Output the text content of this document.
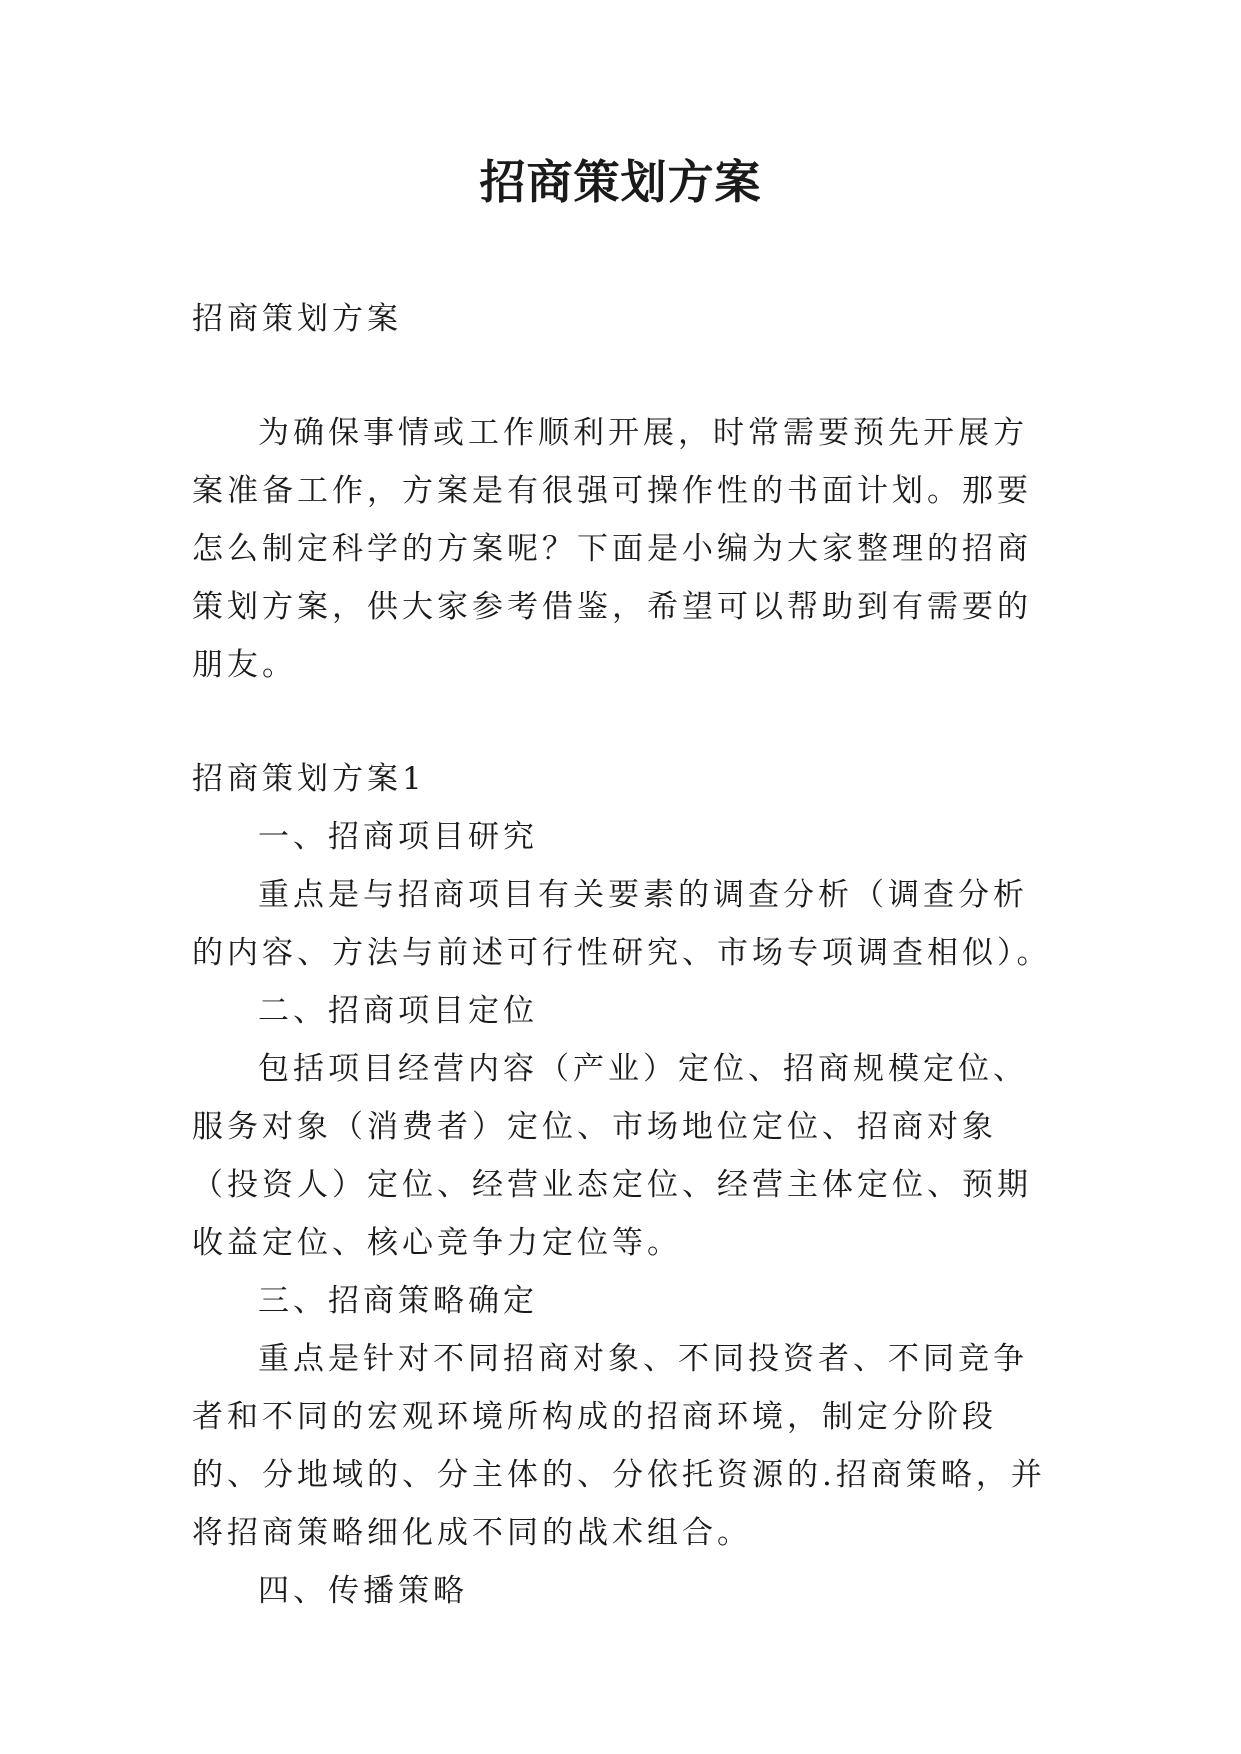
招商策划方案

招商策划方案

为确保事情或工作顺利开展，时常需要预先开展方案准备工作，方案是有很强可操作性的书面计划。那要怎么制定科学的方案呢？下面是小编为大家整理的招商策划方案，供大家参考借鉴，希望可以帮助到有需要的朋友。

招商策划方案1

一、招商项目研究

重点是与招商项目有关要素的调查分析（调查分析的内容、方法与前述可行性研究、市场专项调查相似）。

二、招商项目定位

包括项目经营内容（产业）定位、招商规模定位、服务对象（消费者）定位、市场地位定位、招商对象（投资人）定位、经营业态定位、经营主体定位、预期收益定位、核心竞争力定位等。

三、招商策略确定

重点是针对不同招商对象、不同投资者、不同竞争者和不同的宏观环境所构成的招商环境，制定分阶段的、分地域的、分主体的、分依托资源的.招商策略，并将招商策略细化成不同的战术组合。

四、传播策略
